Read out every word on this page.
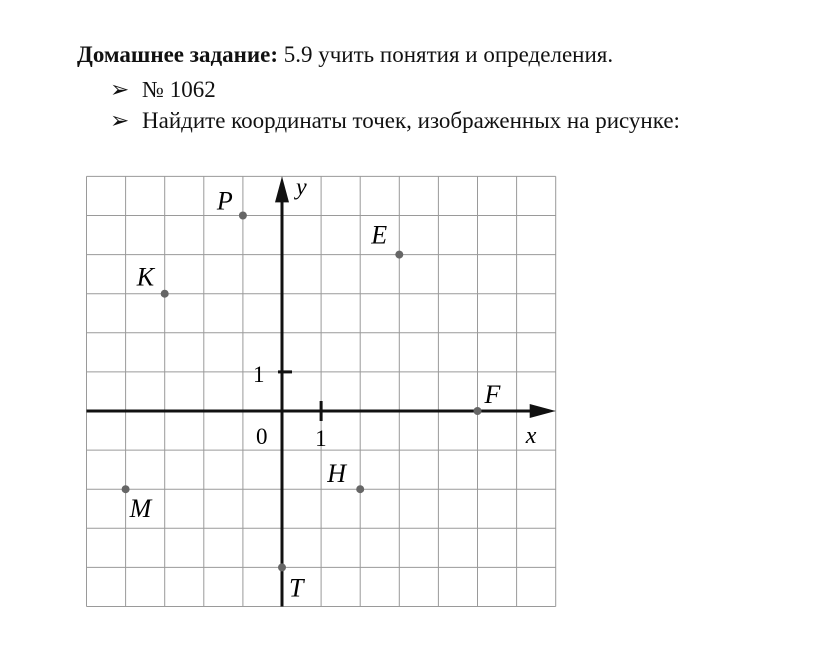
Домашнее задание: 5.9 учить понятия и определения.
➢ № 1062
➢ Найдите координаты точек, изображенных на рисунке:
1
1
0	x
y
P
E
K
F
H
M
T
